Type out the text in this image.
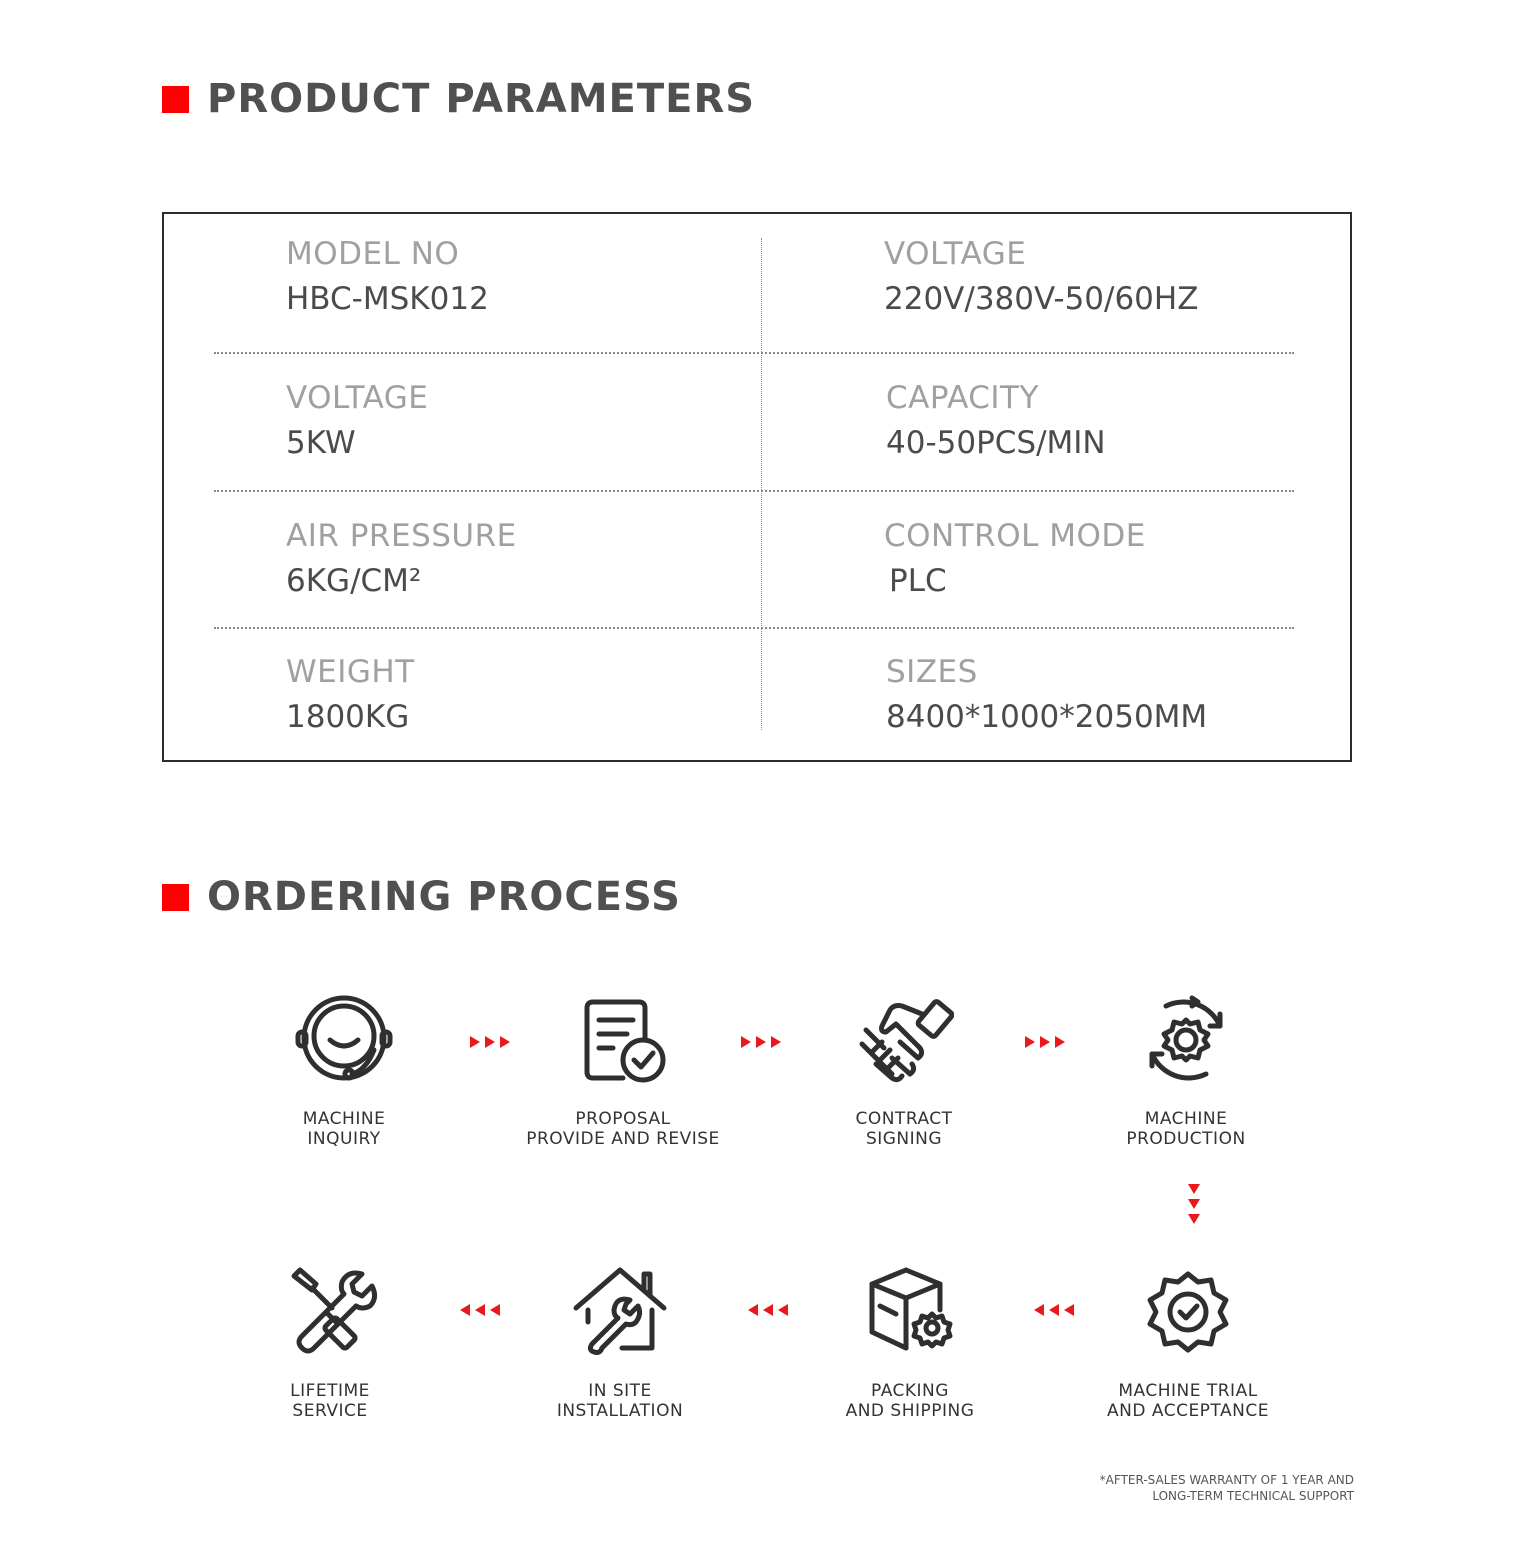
PRODUCT PARAMETERS
MODEL NO
HBC-MSK012
VOLTAGE
220V/380V-50/60HZ
VOLTAGE
5KW
CAPACITY
40-50PCS/MIN
AIR PRESSURE
6KG/CM²
CONTROL MODE
PLC
WEIGHT
1800KG
SIZES
8400*1000*2050MM
ORDERING PROCESS
MACHINE
INQUIRY
PROPOSAL
PROVIDE AND REVISE
CONTRACT
SIGNING
MACHINE
PRODUCTION
MACHINE TRIAL
AND ACCEPTANCE
PACKING
AND SHIPPING
IN SITE
INSTALLATION
LIFETIME
SERVICE
*AFTER-SALES WARRANTY OF 1 YEAR AND
LONG-TERM TECHNICAL SUPPORT
